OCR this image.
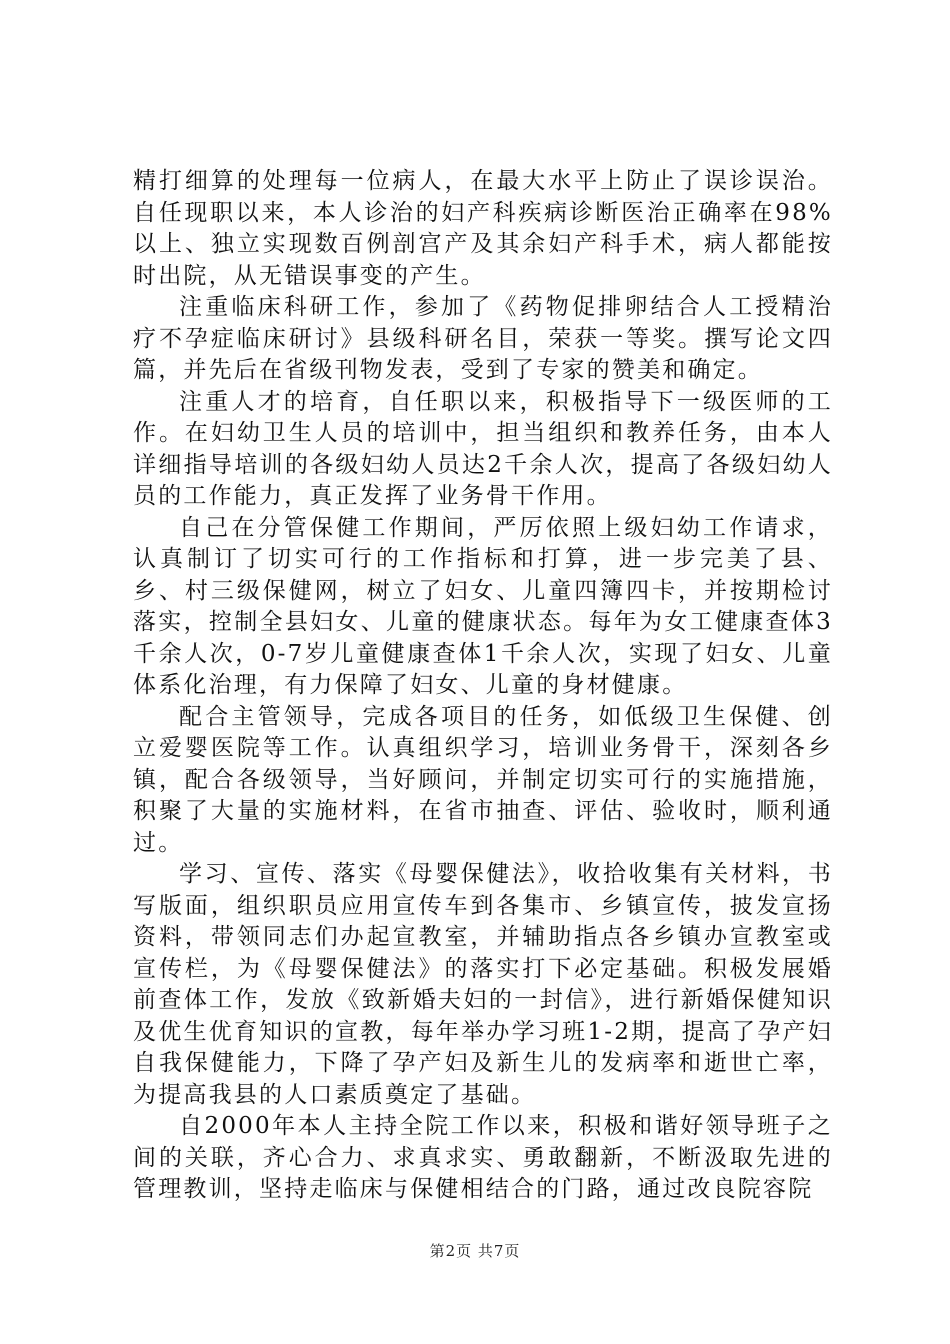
精打细算的处理每一位病人，在最大水平上防止了误诊误治。自任现职以来，本人诊治的妇产科疾病诊断医治正确率在98%以上、独立实现数百例剖宫产及其余妇产科手术，病人都能按时出院，从无错误事变的产生。

注重临床科研工作，参加了《药物促排卵结合人工授精治疗不孕症临床研讨》县级科研名目，荣获一等奖。撰写论文四篇，并先后在省级刊物发表，受到了专家的赞美和确定。

注重人才的培育，自任职以来，积极指导下一级医师的工作。在妇幼卫生人员的培训中，担当组织和教养任务，由本人详细指导培训的各级妇幼人员达2千余人次，提高了各级妇幼人员的工作能力，真正发挥了业务骨干作用。

自己在分管保健工作期间，严厉依照上级妇幼工作请求，认真制订了切实可行的工作指标和打算，进一步完美了县、乡、村三级保健网，树立了妇女、儿童四簿四卡，并按期检讨落实，控制全县妇女、儿童的健康状态。每年为女工健康查体3千余人次，0-7岁儿童健康查体1千余人次，实现了妇女、儿童体系化治理，有力保障了妇女、儿童的身材健康。

配合主管领导，完成各项目的任务，如低级卫生保健、创立爱婴医院等工作。认真组织学习，培训业务骨干，深刻各乡镇，配合各级领导，当好顾问，并制定切实可行的实施措施，积聚了大量的实施材料，在省市抽查、评估、验收时，顺利通过。

学习、宣传、落实《母婴保健法》，收拾收集有关材料，书写版面，组织职员应用宣传车到各集市、乡镇宣传，披发宣扬资料，带领同志们办起宣教室，并辅助指点各乡镇办宣教室或宣传栏，为《母婴保健法》的落实打下必定基础。积极发展婚前查体工作，发放《致新婚夫妇的一封信》，进行新婚保健知识及优生优育知识的宣教，每年举办学习班1-2期，提高了孕产妇自我保健能力，下降了孕产妇及新生儿的发病率和逝世亡率，为提高我县的人口素质奠定了基础。

自2000年本人主持全院工作以来，积极和谐好领导班子之间的关联，齐心合力、求真求实、勇敢翻新，不断汲取先进的管理教训，坚持走临床与保健相结合的门路，通过改良院容院

第2页 共7页
